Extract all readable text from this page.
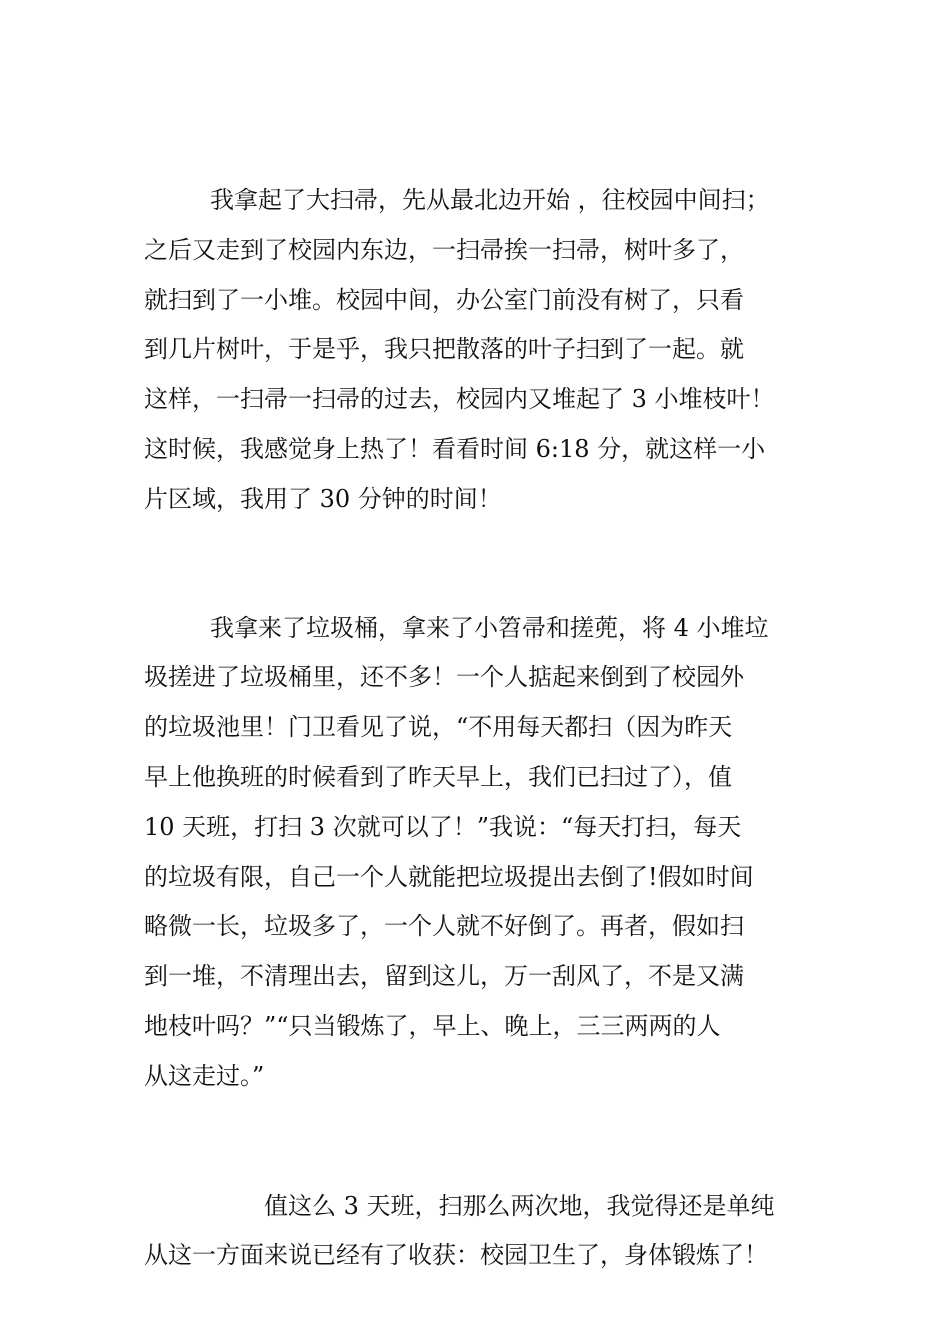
我拿起了大扫帚，先从最北边开始 ，往校园中间扫；
之后又走到了校园内东边，一扫帚挨一扫帚，树叶多了，
就扫到了一小堆。校园中间，办公室门前没有树了，只看
到几片树叶，于是乎，我只把散落的叶子扫到了一起。就
这样，一扫帚一扫帚的过去，校园内又堆起了 3 小堆枝叶！
这时候，我感觉身上热了！看看时间 6:18 分，就这样一小
片区域，我用了 30 分钟的时间！
我拿来了垃圾桶，拿来了小笤帚和搓蔸，将 4 小堆垃
圾搓进了垃圾桶里，还不多！一个人掂起来倒到了校园外
的垃圾池里！门卫看见了说，“不用每天都扫（因为昨天
早上他换班的时候看到了昨天早上，我们已扫过了），值
10 天班，打扫 3 次就可以了！”我说：“每天打扫，每天
的垃圾有限，自己一个人就能把垃圾提出去倒了!假如时间
略微一长，垃圾多了，一个人就不好倒了。再者，假如扫
到一堆，不清理出去，留到这儿，万一刮风了，不是又满
地枝叶吗？”“只当锻炼了，早上、晚上，三三两两的人
从这走过。”
值这么 3 天班，扫那么两次地，我觉得还是单纯
从这一方面来说已经有了收获：校园卫生了，身体锻炼了！
